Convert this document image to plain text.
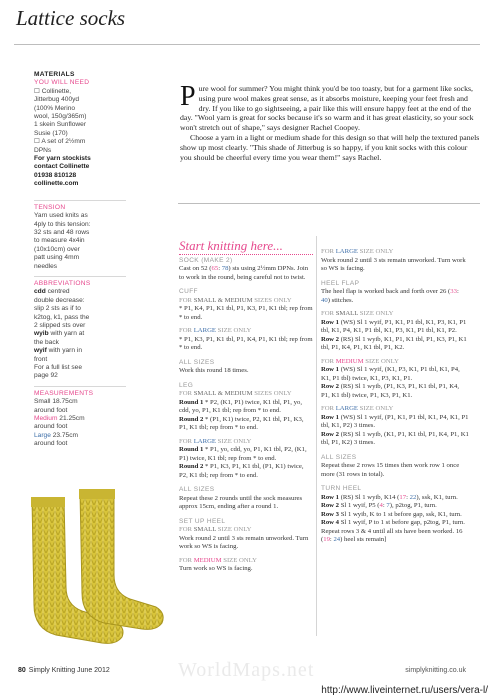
Lattice socks
MATERIALS
YOU WILL NEED
☐ Collinette,
Jitterbug 400yd
(100% Merino
wool, 150g/365m)
1 skein Sunflower
Susie (170)
☐ A set of 2½mm
DPNs
For yarn stockists
contact Collinette
01938 810128
collinette.com
TENSION
Yarn used knits as
4ply to this tension:
32 sts and 48 rows
to measure 4x4in
(10x10cm) over
patt using 4mm
needles
ABBREVIATIONS
cdd centred
double decrease:
slip 2 sts as if to
k2tog, k1, pass the
2 slipped sts over
wyib with yarn at
the back
wyif with yarn in
front
For a full list see
page 92
MEASUREMENTS
Small 18.75cm
around foot
Medium 21.25cm
around foot
Large 23.75cm
around foot
Pure wool for summer? You might think you'd be too toasty, but for a garment like socks, using pure wool makes great sense, as it absorbs moisture, keeping your feet fresh and dry. If you like to go sightseeing, a pair like this will ensure happy feet at the end of the day. "Wool yarn is great for socks because it's so warm and it has great elasticity, so your sock won't stretch out of shape," says designer Rachel Coopey.
Choose a yarn in a light or medium shade for this design so that will help the textured panels show up most clearly. "This shade of Jitterbug is so happy, if you knit socks with this colour you should be cheerful every time you wear them!" says Rachel.
Start knitting here...
SOCK (MAKE 2)
Cast on 52 (65: 78) sts using 2½mm DPNs. Join to work in the round, being careful not to twist.
CUFF
FOR SMALL & MEDIUM SIZES ONLY
* P1, K4, P1, K1 tbl, P1, K3, P1, K1 tbl; rep from * to end.
FOR LARGE SIZE ONLY
* P1, K3, P1, K1 tbl, P1, K4, P1, K1 tbl; rep from * to end.
ALL SIZES
Work this round 18 times.
LEG
FOR SMALL & MEDIUM SIZES ONLY
Round 1 * P2, (K1, P1) twice, K1 tbl, P1, yo, cdd, yo, P1, K1 tbl; rep from * to end.
Round 2 * (P1, K1) twice, P2, K1 tbl, P1, K3, P1, K1 tbl; rep from * to end.
FOR LARGE SIZE ONLY
Round 1 * P1, yo, cdd, yo, P1, K1 tbl, P2, (K1, P1) twice, K1 tbl; rep from * to end.
Round 2 * P1, K3, P1, K1 tbl, (P1, K1) twice, P2, K1 tbl; rep from * to end.
ALL SIZES
Repeat these 2 rounds until the sock measures approx 15cm, ending after a round 1.
SET UP HEEL
FOR SMALL SIZE ONLY
Work round 2 until 3 sts remain unworked. Turn work so WS is facing.
FOR MEDIUM SIZE ONLY
Turn work so WS is facing.
FOR LARGE SIZE ONLY
Work round 2 until 3 sts remain unworked. Turn work so WS is facing.
HEEL FLAP
The heel flap is worked back and forth over 26 (33: 40) stitches.
FOR SMALL SIZE ONLY
Row 1 (WS) Sl 1 wyif, P1, K1, P1 tbl, K1, P3, K1, P1 tbl, K1, P4, K1, P1 tbl, K1, P3, K1, P1 tbl, K1, P2.
Row 2 (RS) Sl 1 wyib, K1, P1, K1 tbl, P1, K3, P1, K1 tbl, P1, K4, P1, K1 tbl, P1, K2.
FOR MEDIUM SIZE ONLY
Row 1 (WS) Sl 1 wyif, (K1, P3, K1, P1 tbl, K1, P4, K1, P1 tbl) twice, K1, P3, K1, P1.
Row 2 (RS) Sl 1 wyib, (P1, K3, P1, K1 tbl, P1, K4, P1, K1 tbl) twice, P1, K3, P1, K1.
FOR LARGE SIZE ONLY
Row 1 (WS) Sl 1 wyif, (P1, K1, P1 tbl, K1, P4, K1, P1 tbl, K1, P2) 3 times.
Row 2 (RS) Sl 1 wyib, (K1, P1, K1 tbl, P1, K4, P1, K1 tbl, P1, K2) 3 times.
ALL SIZES
Repeat these 2 rows 15 times then work row 1 once more (31 rows in total).
TURN HEEL
Row 1 (RS) Sl 1 wyib, K14 (17: 22), ssk, K1, turn.
Row 2 Sl 1 wyif, P5 (4: 7), p2tog, P1, turn.
Row 3 Sl 1 wyib, K to 1 st before gap, ssk, K1, turn.
Row 4 Sl 1 wyif, P to 1 st before gap, p2tog, P1, turn.
Repeat rows 3 & 4 until all sts have been worked. 16 (19: 24) heel sts remain]
WorldMaps.net
80 Simply Knitting June 2012	simplyknitting.co.uk
http://www.liveinternet.ru/users/vera-l/
